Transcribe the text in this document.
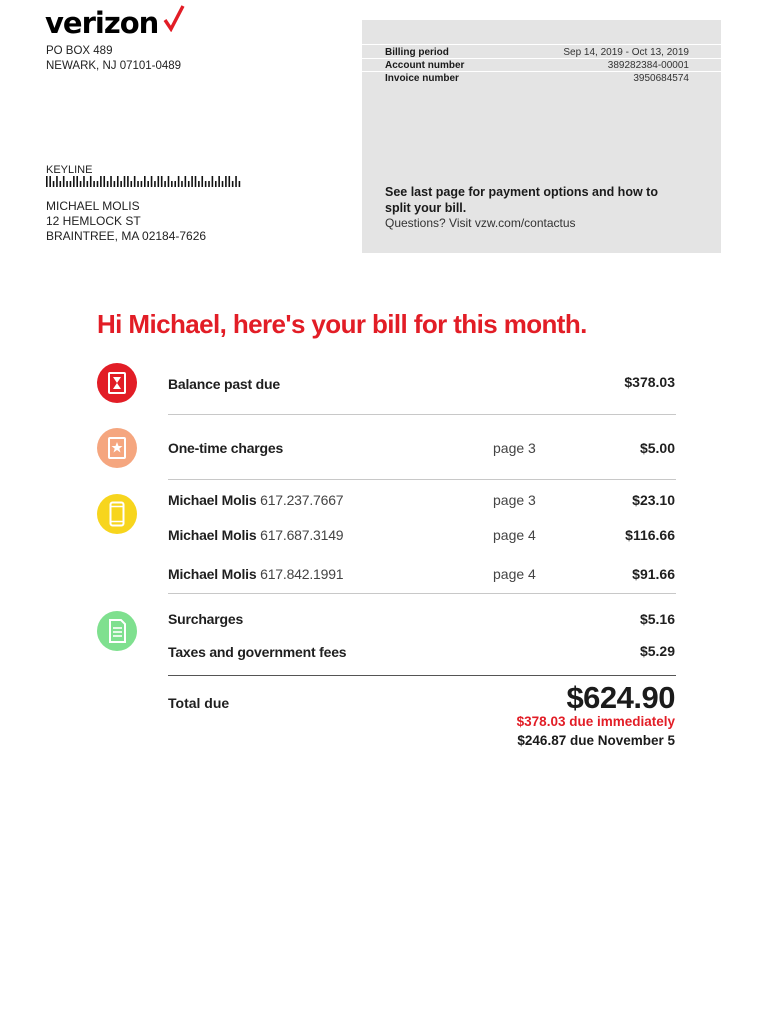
verizon
PO BOX 489
NEWARK, NJ 07101-0489
KEYLINE
MICHAEL MOLIS
12 HEMLOCK ST
BRAINTREE, MA 02184-7626
Billing period	Sep 14, 2019 - Oct 13, 2019
Account number	389282384-00001
Invoice number	3950684574
See last page for payment options and how to split your bill.
Questions? Visit vzw.com/contactus
Hi Michael, here's your bill for this month.
Balance past due	$378.03
One-time charges	page 3	$5.00
Michael Molis 617.237.7667	page 3	$23.10
Michael Molis 617.687.3149	page 4	$116.66
Michael Molis 617.842.1991	page 4	$91.66
Surcharges	$5.16
Taxes and government fees	$5.29
Total due	$624.90
$378.03 due immediately
$246.87 due November 5
